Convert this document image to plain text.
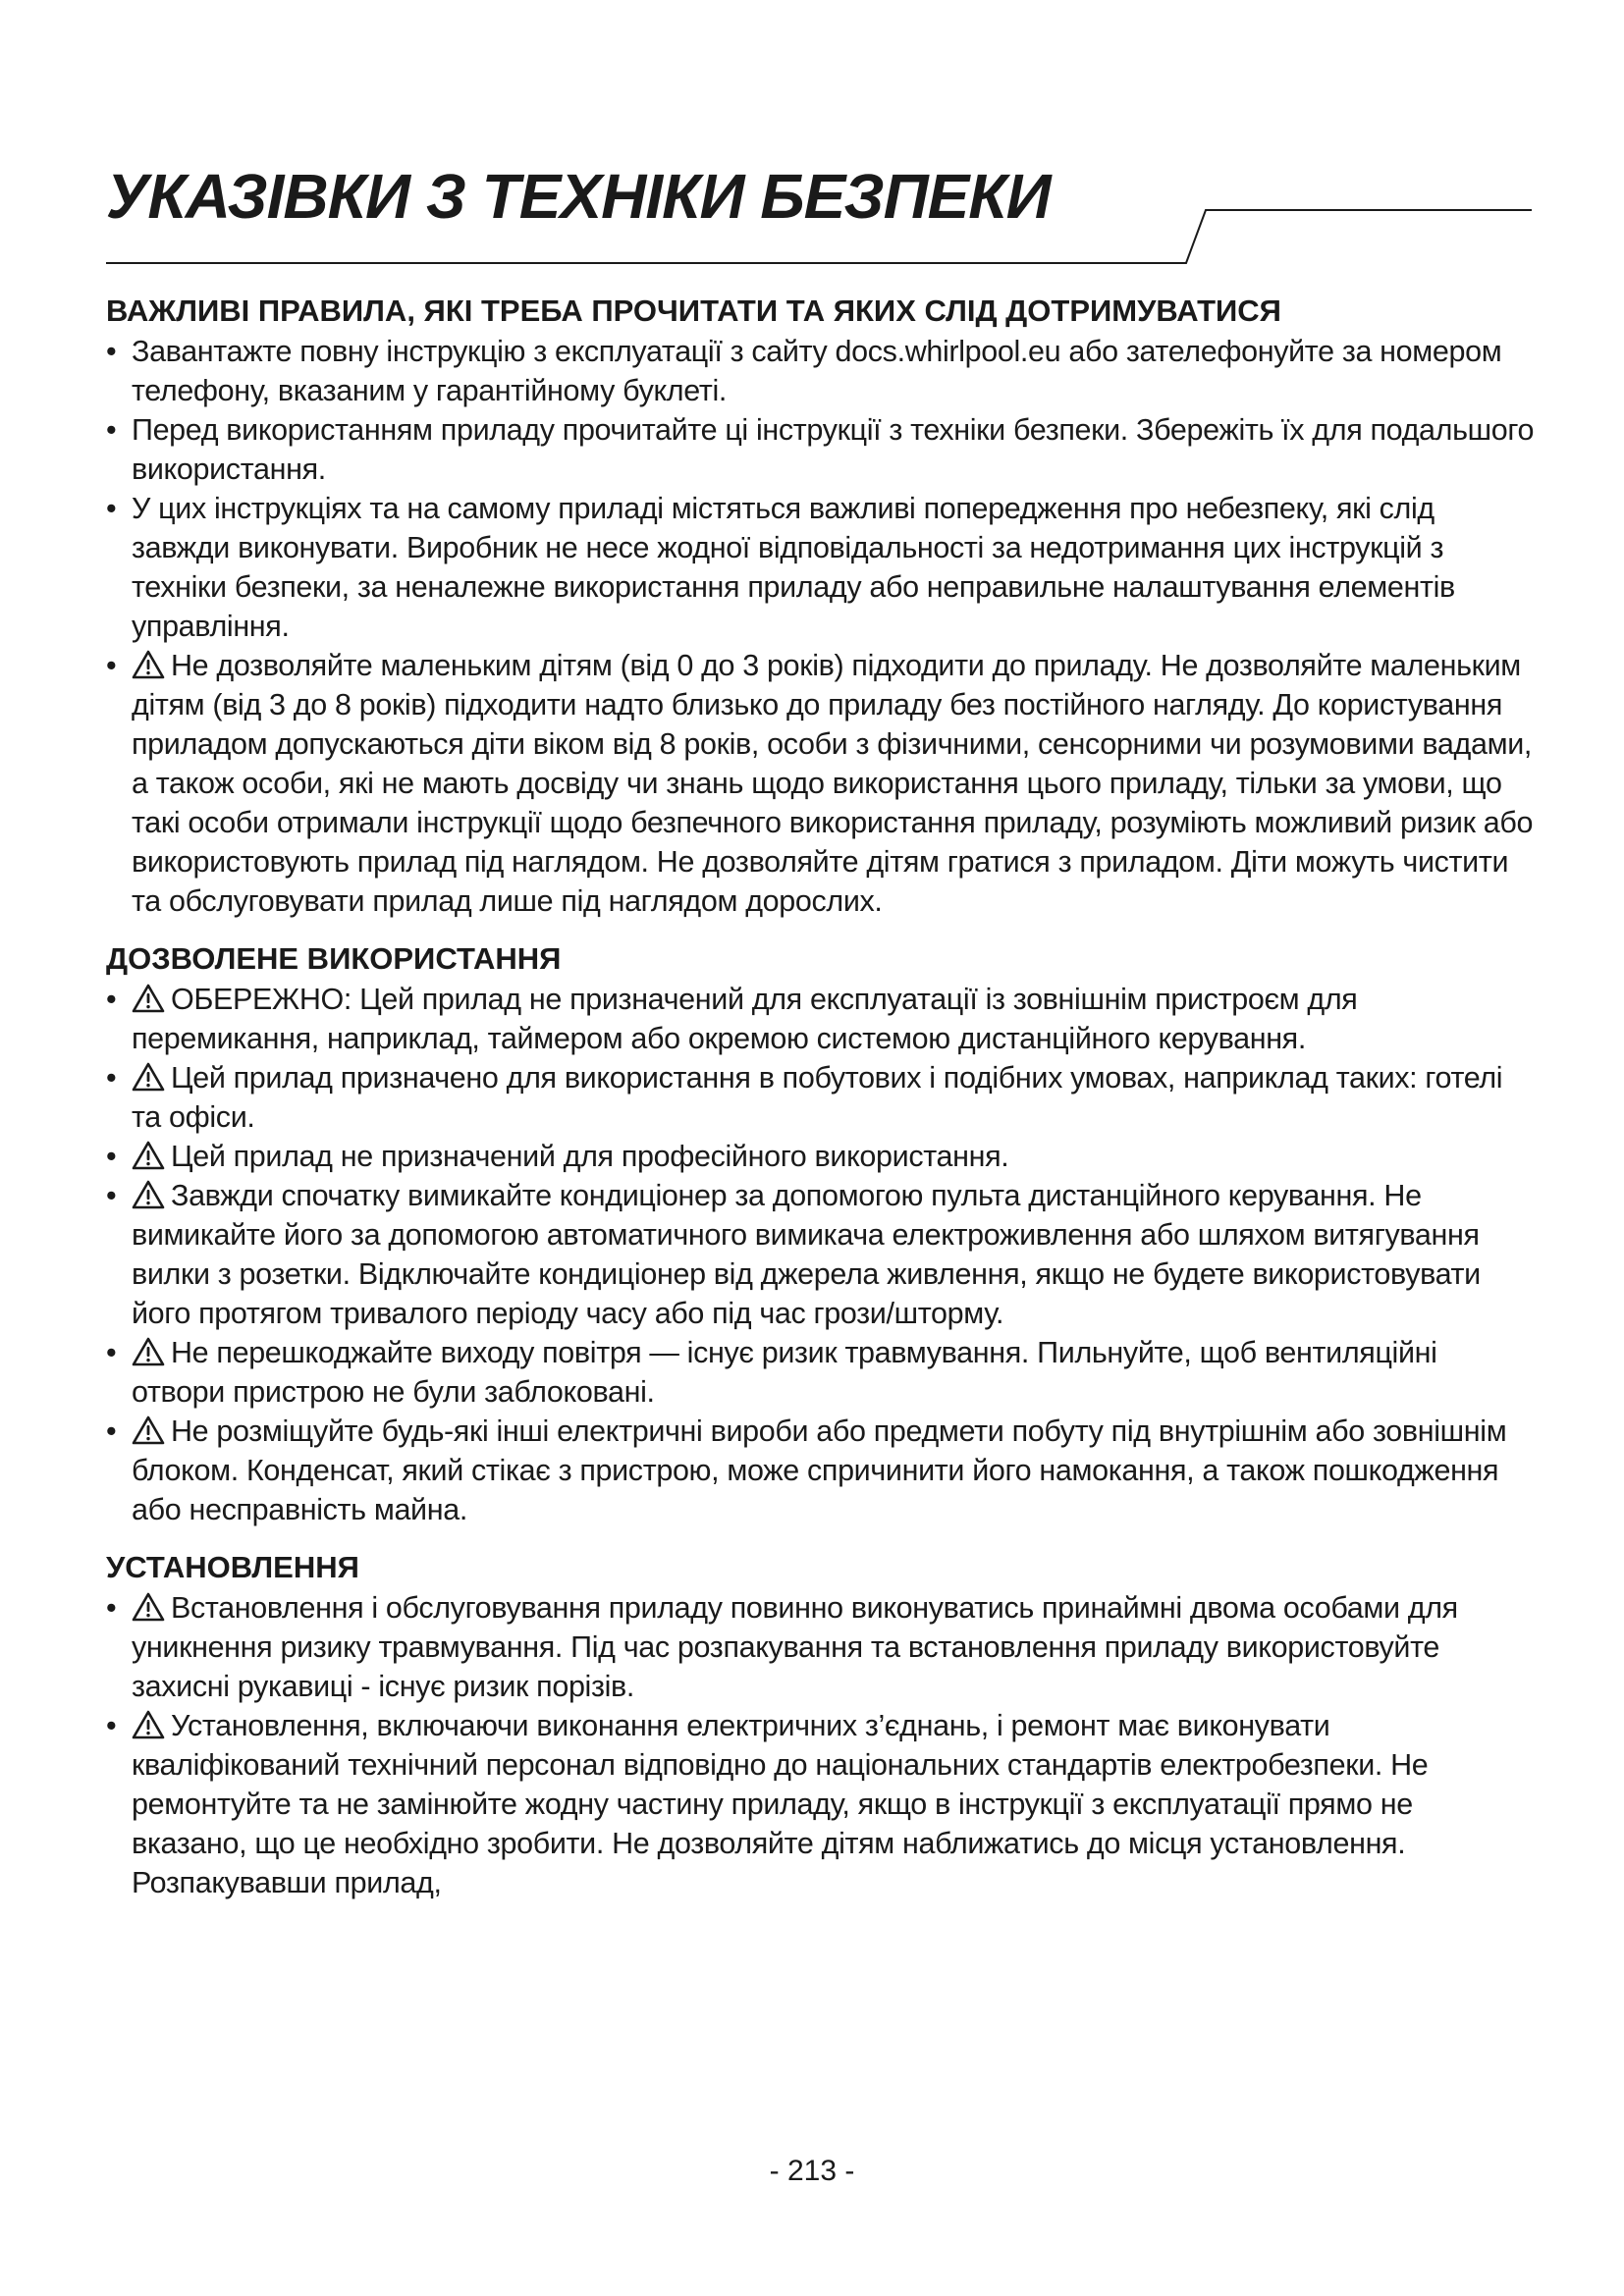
УКАЗІВКИ З ТЕХНІКИ БЕЗПЕКИ
ВАЖЛИВІ ПРАВИЛА, ЯКІ ТРЕБА ПРОЧИТАТИ ТА ЯКИХ СЛІД ДОТРИМУВАТИСЯ
• Завантажте повну інструкцію з експлуатації з сайту docs.whirlpool.eu або зателефонуйте за номером телефону, вказаним у гарантійному буклеті.
• Перед використанням приладу прочитайте ці інструкції з техніки безпеки. Збережіть їх для подальшого використання.
• У цих інструкціях та на самому приладі містяться важливі попередження про небезпеку, які слід завжди виконувати. Виробник не несе жодної відповідальності за недотримання цих інструкцій з техніки безпеки, за неналежне використання приладу або неправильне налаштування елементів управління.
•	Не дозволяйте маленьким дітям (від 0 до 3 років) підходити до приладу. Не дозволяйте маленьким дітям (від 3 до 8 років) підходити надто близько до приладу без постійного нагляду. До користування приладом допускаються діти віком від 8 років, особи з фізичними, сенсорними чи розумовими вадами, а також особи, які не мають досвіду чи знань щодо використання цього приладу, тільки за умови, що такі особи отримали інструкції щодо безпечного використання приладу, розуміють можливий ризик або використовують прилад під наглядом. Не дозволяйте дітям гратися з приладом. Діти можуть чистити та обслуговувати прилад лише під наглядом дорослих.
ДОЗВОЛЕНЕ ВИКОРИСТАННЯ
•	ОБЕРЕЖНО: Цей прилад не призначений для експлуатації із зовнішнім пристроєм для перемикання, наприклад, таймером або окремою системою дистанційного керування.
•	Цей прилад призначено для використання в побутових і подібних умовах, наприклад таких: готелі та офіси.
•	Цей прилад не призначений для професійного використання.
•	Завжди спочатку вимикайте кондиціонер за допомогою пульта дистанційного керування. Не вимикайте його за допомогою автоматичного вимикача електроживлення або шляхом витягування вилки з розетки. Відключайте кондиціонер від джерела живлення, якщо не будете використовувати його протягом тривалого періоду часу або під час грози/шторму.
•	Не перешкоджайте виходу повітря — існує ризик травмування. Пильнуйте, щоб вентиляційні отвори пристрою не були заблоковані.
•	Не розміщуйте будь-які інші електричні вироби або предмети побуту під внутрішнім або зовнішнім блоком. Конденсат, який стікає з пристрою, може спричинити його намокання, а також пошкодження або несправність майна.
УСТАНОВЛЕННЯ
•	Встановлення і обслуговування приладу повинно виконуватись принаймні двома особами для уникнення ризику травмування. Під час розпакування та встановлення приладу використовуйте захисні рукавиці - існує ризик порізів.
•	Установлення, включаючи виконання електричних з’єднань, і ремонт має виконувати кваліфікований технічний персонал відповідно до національних стандартів електробезпеки. Не ремонтуйте та не замінюйте жодну частину приладу, якщо в інструкції з експлуатації прямо не вказано, що це необхідно зробити. Не дозволяйте дітям наближатись до місця установлення. Розпакувавши прилад,
- 213 -
